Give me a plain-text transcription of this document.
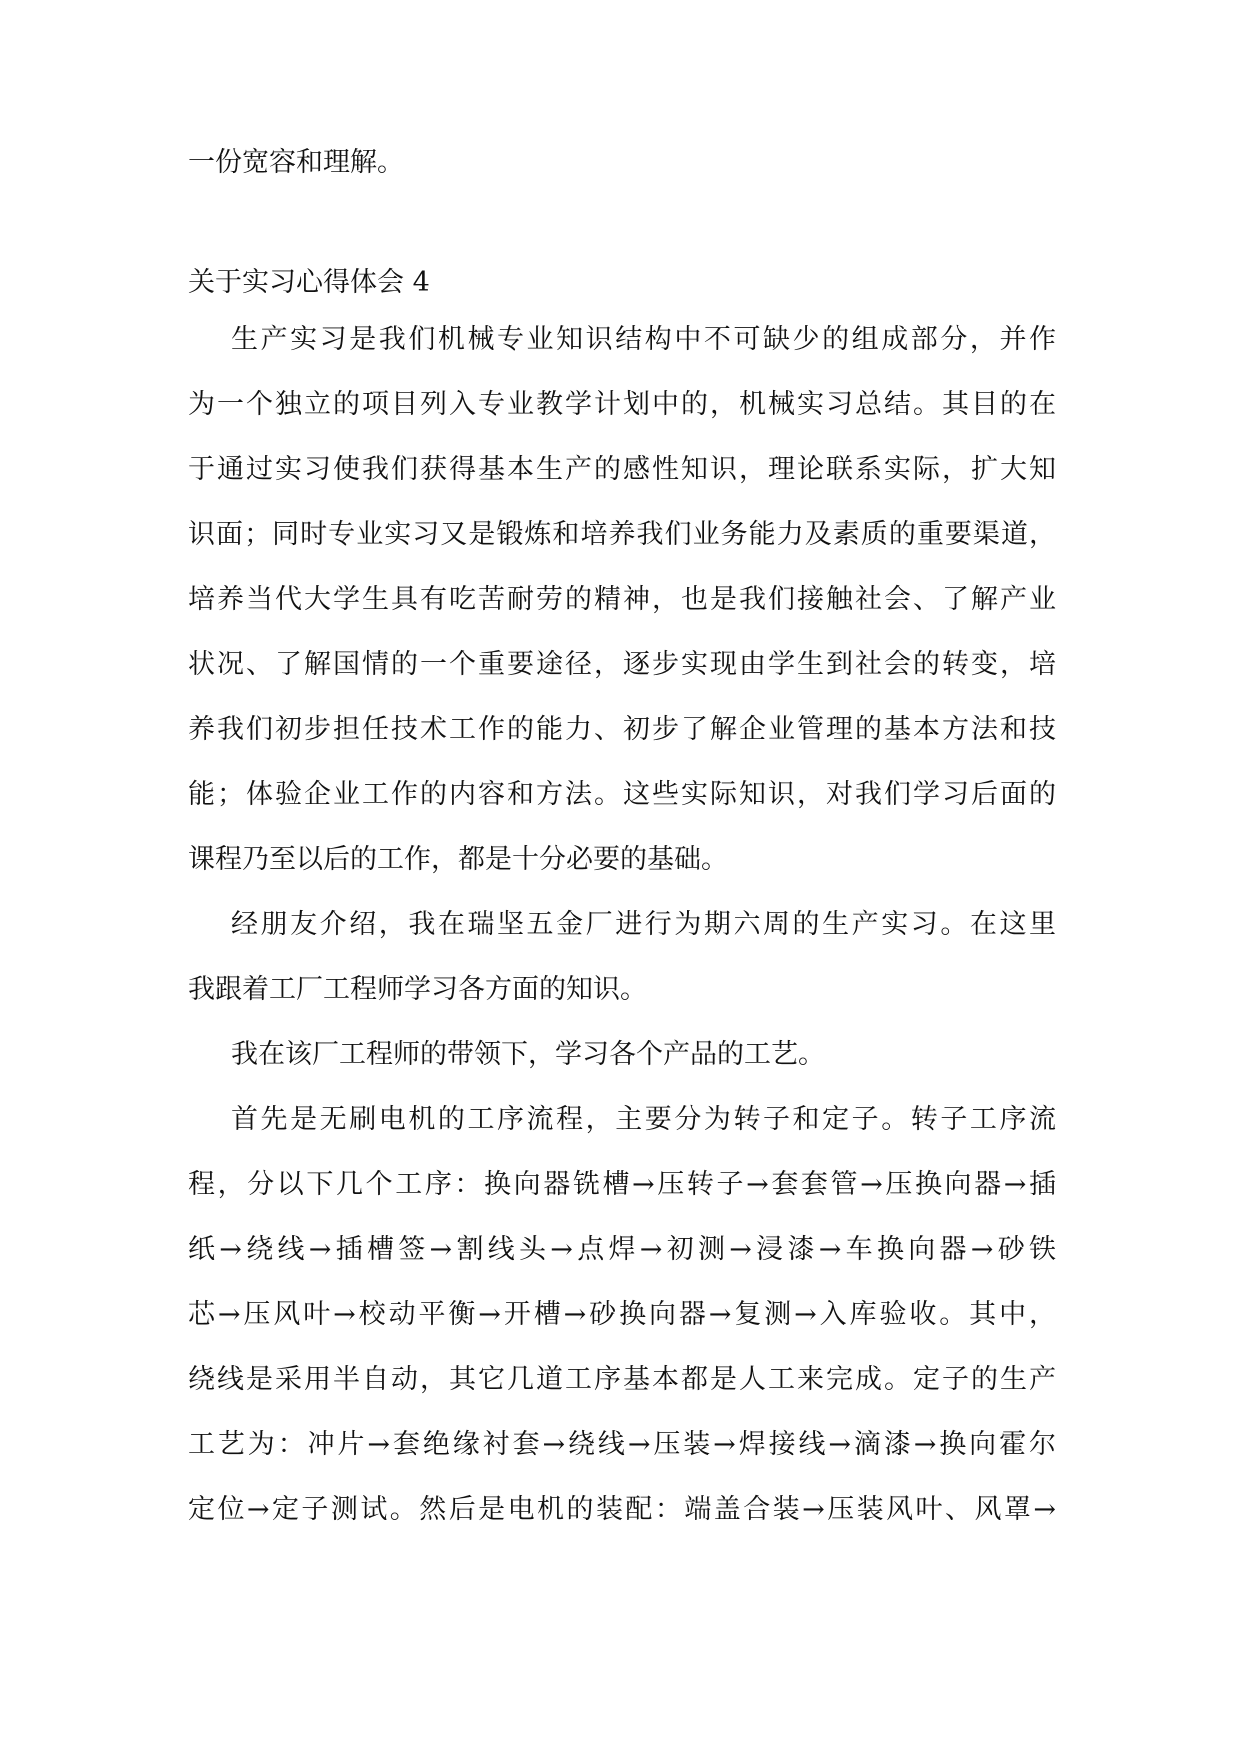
一份宽容和理解。

关于实习心得体会 4

生产实习是我们机械专业知识结构中不可缺少的组成部分，并作
为一个独立的项目列入专业教学计划中的，机械实习总结。其目的在
于通过实习使我们获得基本生产的感性知识，理论联系实际，扩大知
识面；同时专业实习又是锻炼和培养我们业务能力及素质的重要渠道，
培养当代大学生具有吃苦耐劳的精神，也是我们接触社会、了解产业
状况、了解国情的一个重要途径，逐步实现由学生到社会的转变，培
养我们初步担任技术工作的能力、初步了解企业管理的基本方法和技
能；体验企业工作的内容和方法。这些实际知识，对我们学习后面的
课程乃至以后的工作，都是十分必要的基础。
经朋友介绍，我在瑞坚五金厂进行为期六周的生产实习。在这里
我跟着工厂工程师学习各方面的知识。
我在该厂工程师的带领下，学习各个产品的工艺。
首先是无刷电机的工序流程，主要分为转子和定子。转子工序流
程，分以下几个工序：换向器铣槽→压转子→套套管→压换向器→插
纸→绕线→插槽签→割线头→点焊→初测→浸漆→车换向器→砂铁
芯→压风叶→校动平衡→开槽→砂换向器→复测→入库验收。其中，
绕线是采用半自动，其它几道工序基本都是人工来完成。定子的生产
工艺为：冲片→套绝缘衬套→绕线→压装→焊接线→滴漆→换向霍尔
定位→定子测试。然后是电机的装配：端盖合装→压装风叶、风罩→
